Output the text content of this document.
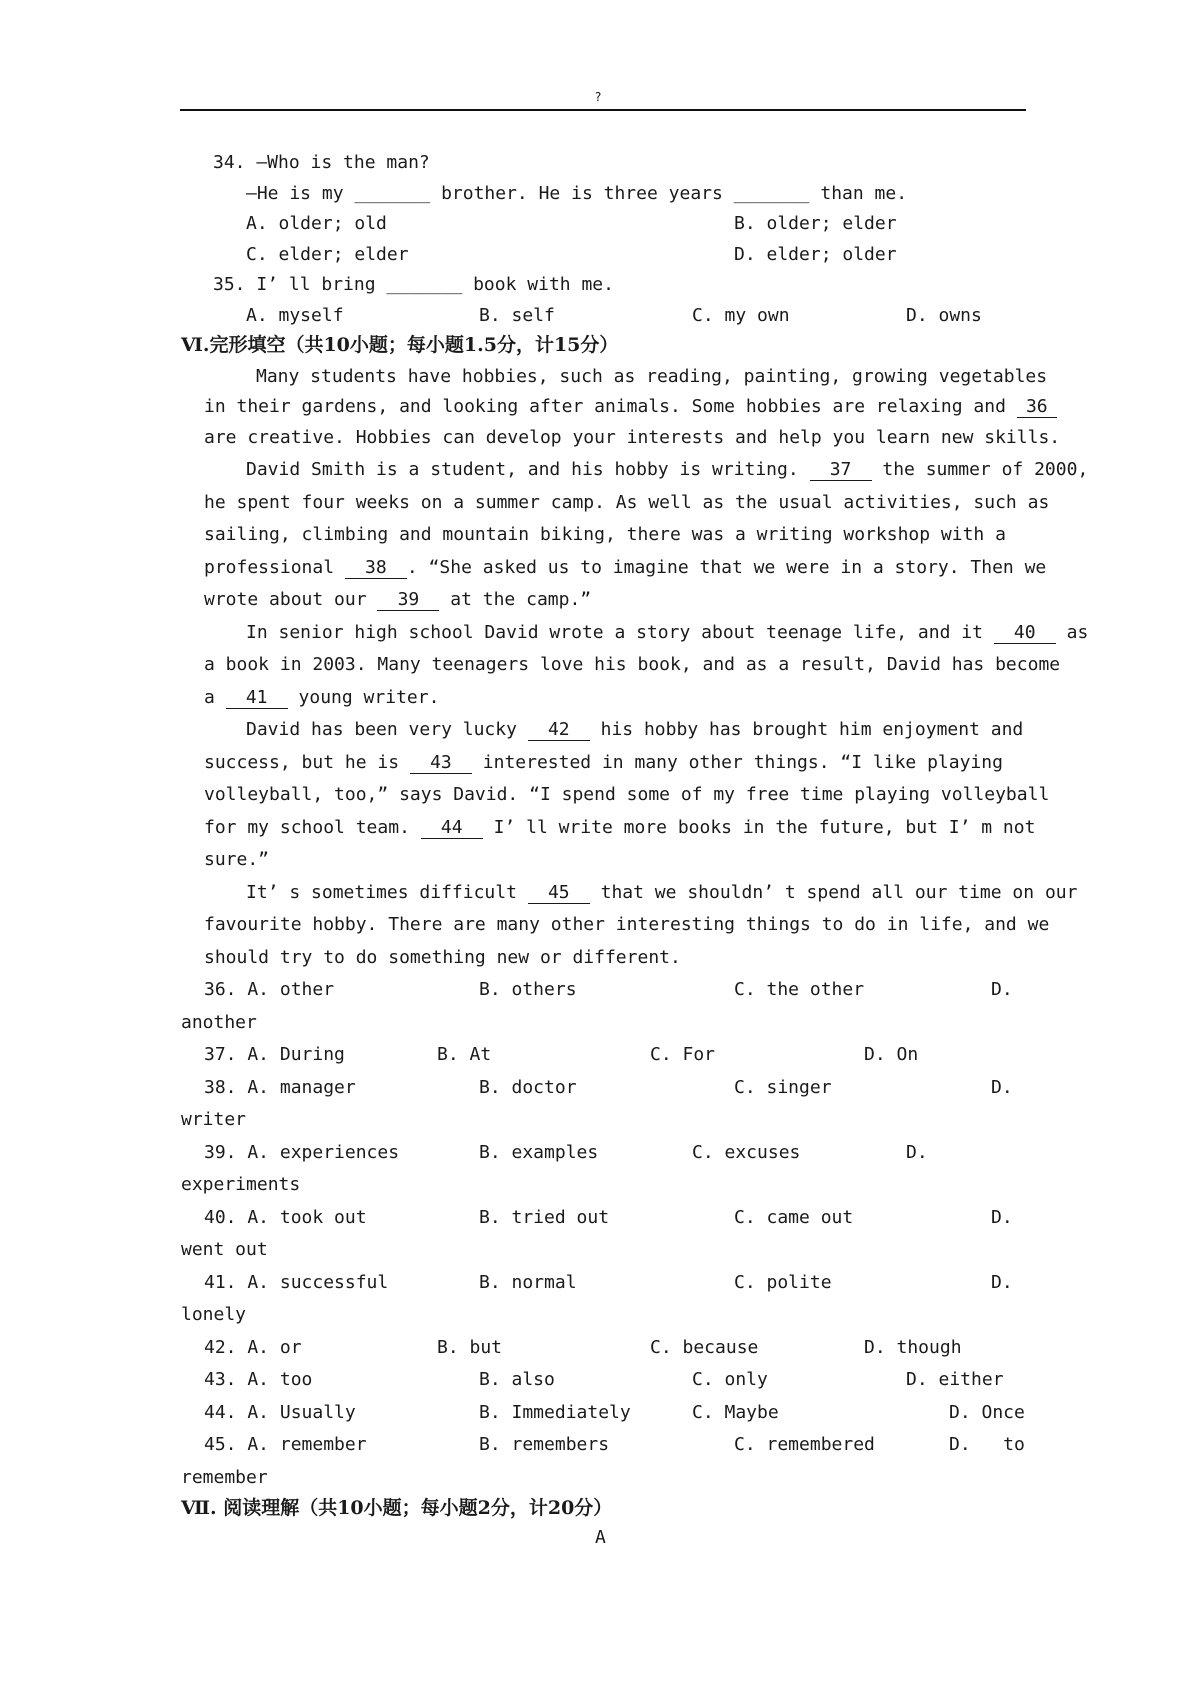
?
34. —Who is the man?
—He is my _______ brother. He is three years _______ than me.
A. older; old	B. older; elder
C. elder; elder	D. elder; older
35. I’ ll bring _______ book with me.
A. myself	B. self	C. my own	D. owns
Ⅵ.完形填空（共10小题；每小题1.5分，计15分）
Many students have hobbies, such as reading, painting, growing vegetables
in their gardens, and looking after animals. Some hobbies are relaxing and 36
are creative. Hobbies can develop your interests and help you learn new skills.
David Smith is a student, and his hobby is writing. 37 the summer of 2000,
he spent four weeks on a summer camp. As well as the usual activities, such as
sailing, climbing and mountain biking, there was a writing workshop with a
professional 38 . “She asked us to imagine that we were in a story. Then we
wrote about our 39 at the camp.”
In senior high school David wrote a story about teenage life, and it 40 as
a book in 2003. Many teenagers love his book, and as a result, David has become
a 41 young writer.
David has been very lucky 42 his hobby has brought him enjoyment and
success, but he is 43 interested in many other things. “I like playing
volleyball, too,” says David. “I spend some of my free time playing volleyball
for my school team. 44 I’ ll write more books in the future, but I’ m not
sure.”
It’ s sometimes difficult 45 that we shouldn’ t spend all our time on our
favourite hobby. There are many other interesting things to do in life, and we
should try to do something new or different.
36. A. other	B. others	C. the other	D.
another
37. A. During	B. At	C. For	D. On
38. A. manager	B. doctor	C. singer	D.
writer
39. A. experiences	B. examples	C. excuses	D.
experiments
40. A. took out	B. tried out	C. came out	D.
went out
41. A. successful	B. normal	C. polite	D.
lonely
42. A. or	B. but	C. because	D. though
43. A. too	B. also	C. only	D. either
44. A. Usually	B. Immediately	C. Maybe	D. Once
45. A. remember	B. remembers	C. remembered	D.   to
remember
Ⅶ. 阅读理解（共10小题；每小题2分，计20分）
A
